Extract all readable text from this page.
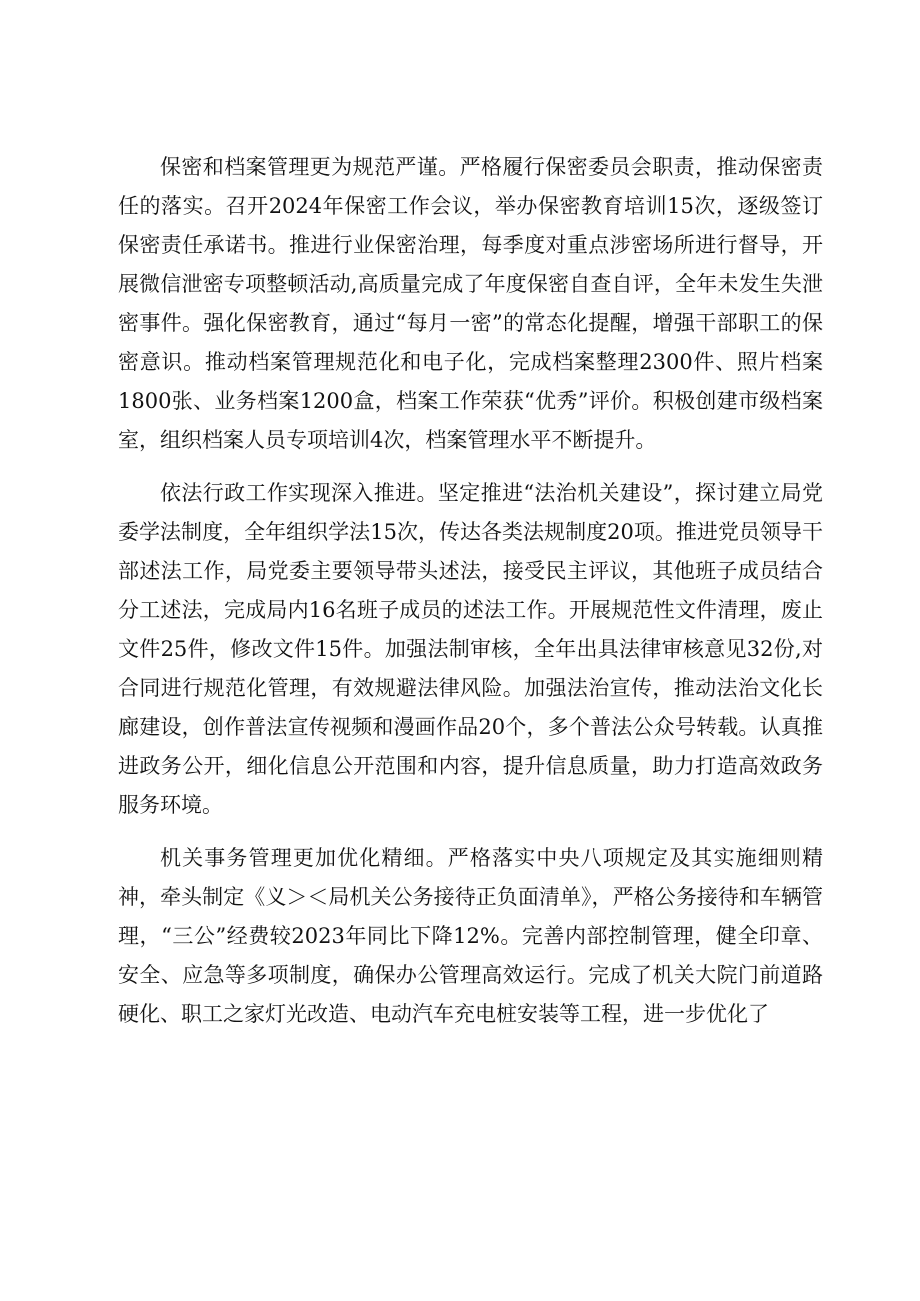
保密和档案管理更为规范严谨。严格履行保密委员会职责，推动保密责任的落实。召开2024年保密工作会议，举办保密教育培训15次，逐级签订保密责任承诺书。推进行业保密治理，每季度对重点涉密场所进行督导，开展微信泄密专项整顿活动,高质量完成了年度保密自查自评，全年未发生失泄密事件。强化保密教育，通过“每月一密”的常态化提醒，增强干部职工的保密意识。推动档案管理规范化和电子化，完成档案整理2300件、照片档案1800张、业务档案1200盒，档案工作荣获“优秀”评价。积极创建市级档案室，组织档案人员专项培训4次，档案管理水平不断提升。

依法行政工作实现深入推进。坚定推进“法治机关建设”，探讨建立局党委学法制度，全年组织学法15次，传达各类法规制度20项。推进党员领导干部述法工作，局党委主要领导带头述法，接受民主评议，其他班子成员结合分工述法，完成局内16名班子成员的述法工作。开展规范性文件清理，废止文件25件，修改文件15件。加强法制审核，全年出具法律审核意见32份,对合同进行规范化管理，有效规避法律风险。加强法治宣传，推动法治文化长廊建设，创作普法宣传视频和漫画作品20个，多个普法公众号转载。认真推进政务公开，细化信息公开范围和内容，提升信息质量，助力打造高效政务服务环境。

机关事务管理更加优化精细。严格落实中央八项规定及其实施细则精神，牵头制定《义＞＜局机关公务接待正负面清单》，严格公务接待和车辆管理，“三公”经费较2023年同比下降12%。完善内部控制管理，健全印章、安全、应急等多项制度，确保办公管理高效运行。完成了机关大院门前道路硬化、职工之家灯光改造、电动汽车充电桩安装等工程，进一步优化了
